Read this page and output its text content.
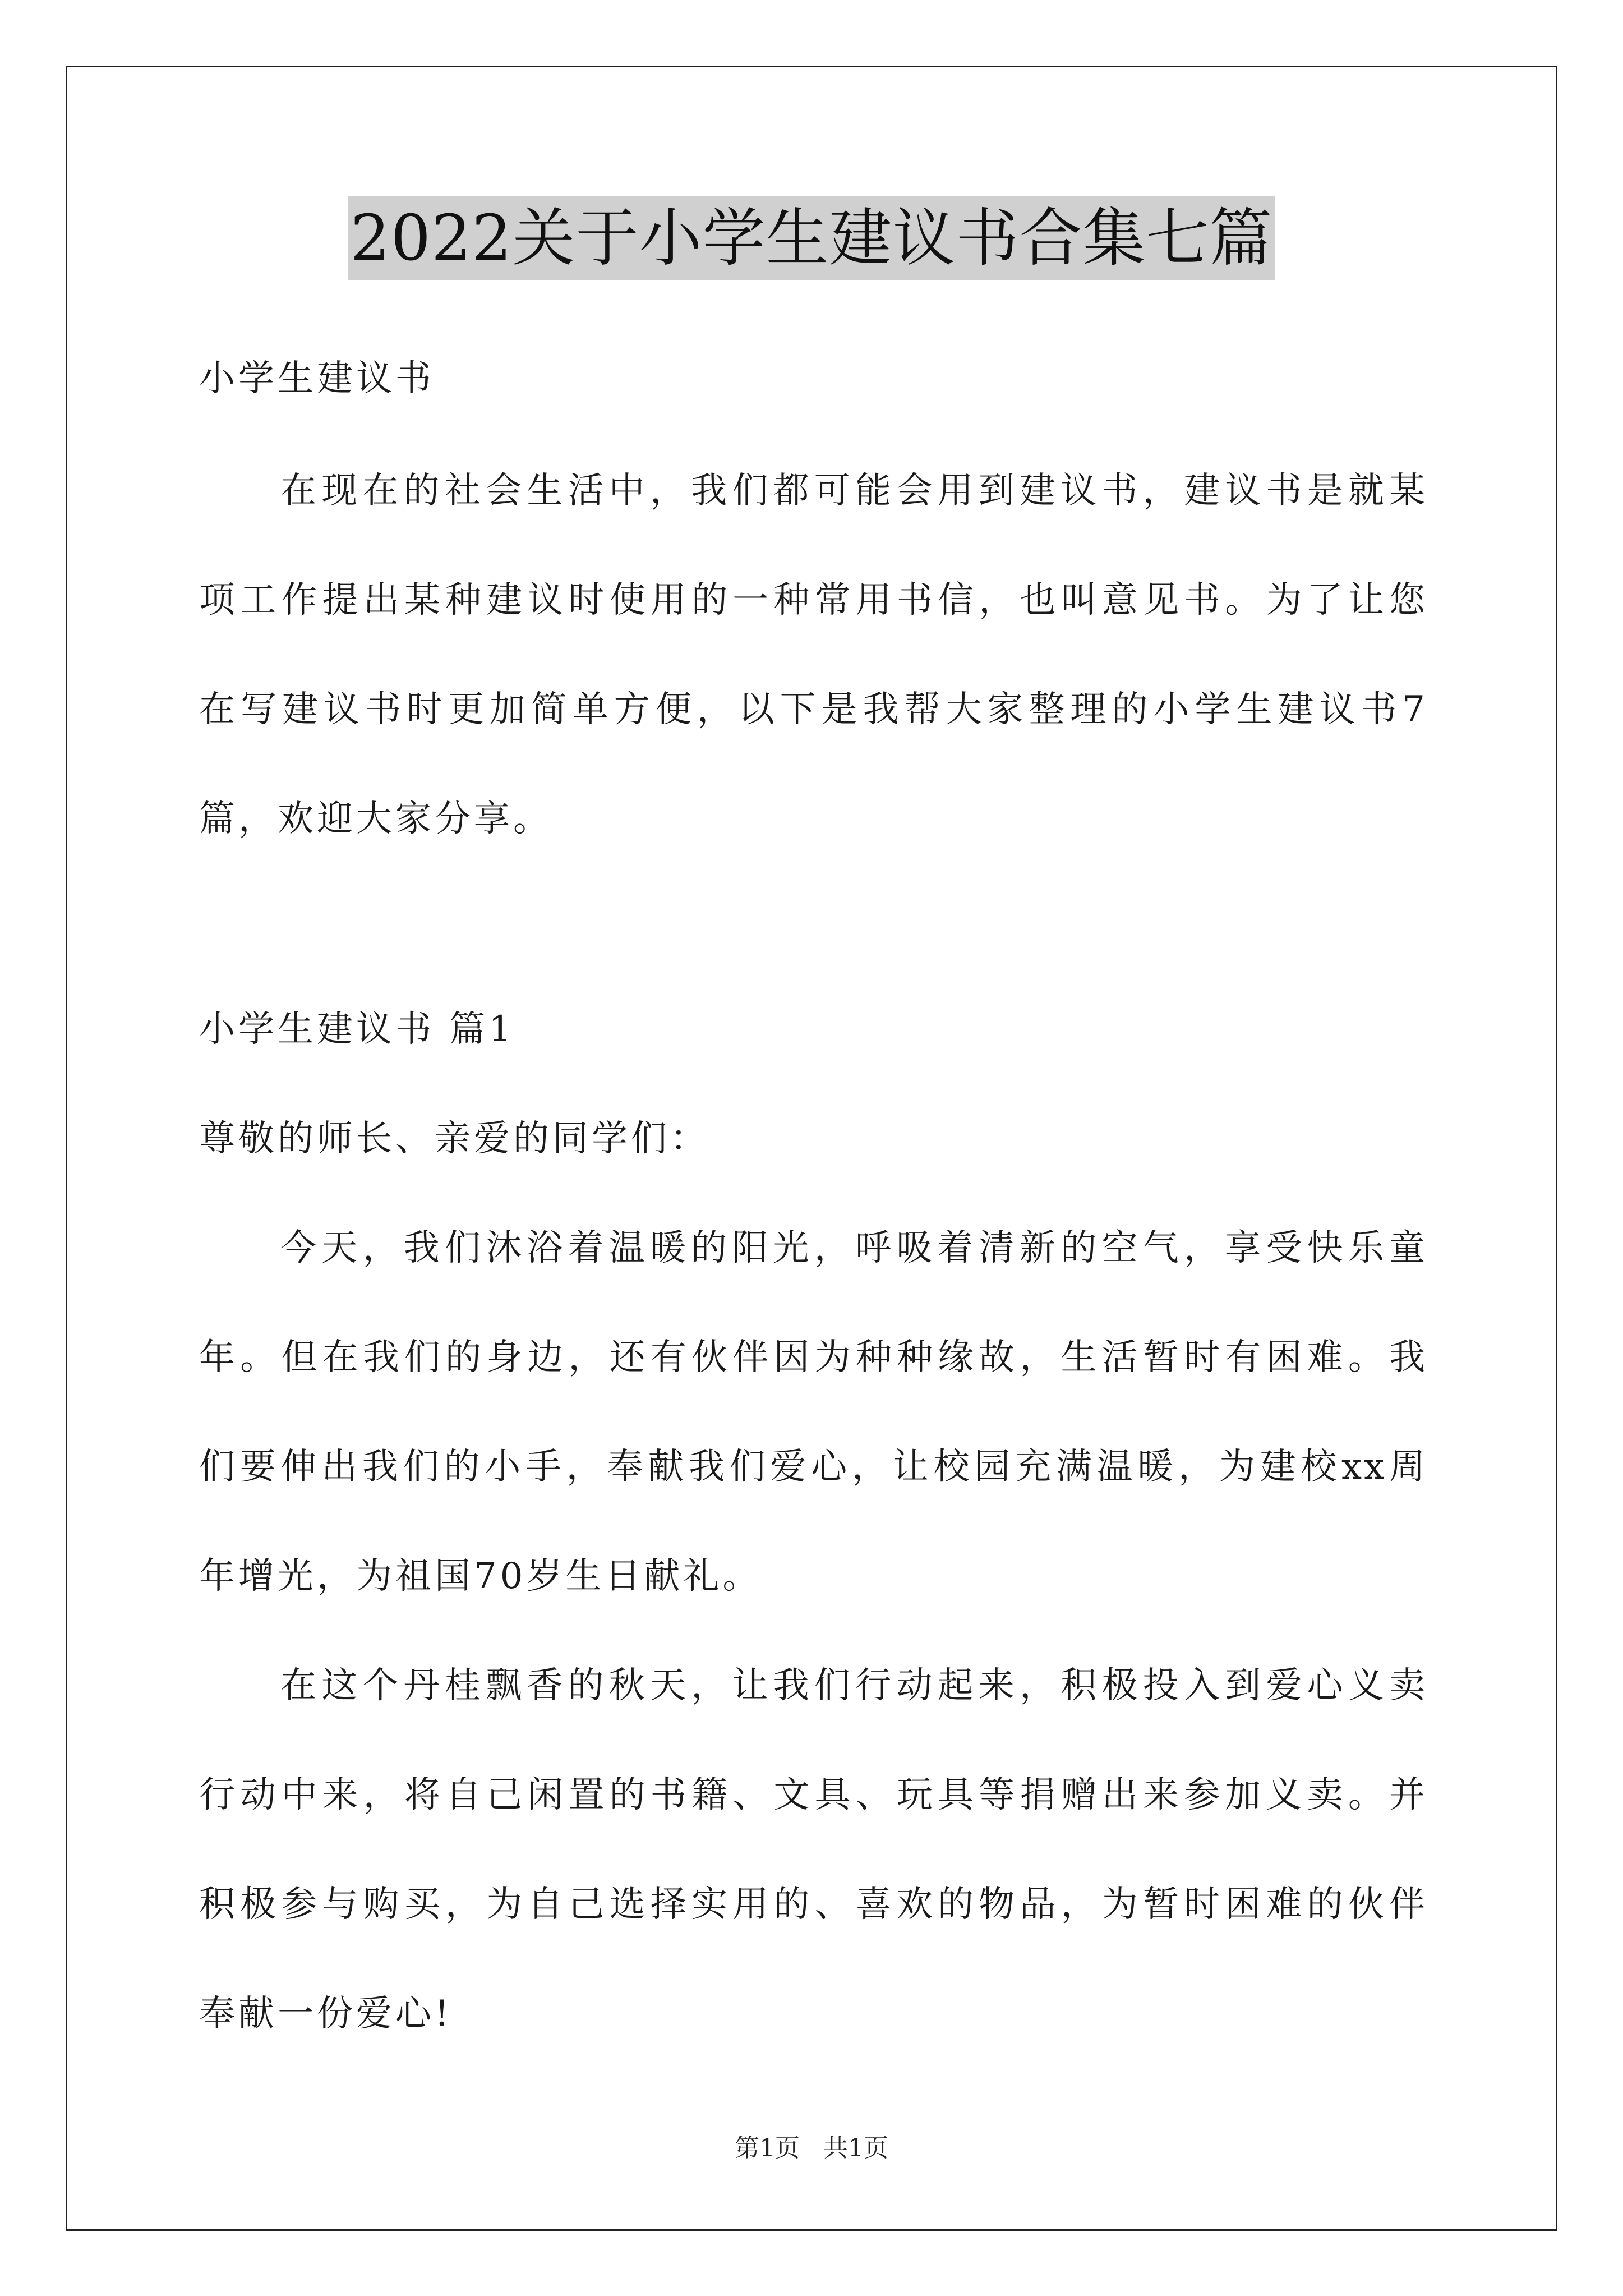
2022关于小学生建议书合集七篇
小学生建议书
在现在的社会生活中，我们都可能会用到建议书，建议书是就某
项工作提出某种建议时使用的一种常用书信，也叫意见书。为了让您
在写建议书时更加简单方便，以下是我帮大家整理的小学生建议书7
篇，欢迎大家分享。
小学生建议书 篇1
尊敬的师长、亲爱的同学们：
今天，我们沐浴着温暖的阳光，呼吸着清新的空气，享受快乐童
年。但在我们的身边，还有伙伴因为种种缘故，生活暂时有困难。我
们要伸出我们的小手，奉献我们爱心，让校园充满温暖，为建校xx周
年增光，为祖国70岁生日献礼。
在这个丹桂飘香的秋天，让我们行动起来，积极投入到爱心义卖
行动中来，将自己闲置的书籍、文具、玩具等捐赠出来参加义卖。并
积极参与购买，为自己选择实用的、喜欢的物品，为暂时困难的伙伴
奉献一份爱心!
第1页 共1页
